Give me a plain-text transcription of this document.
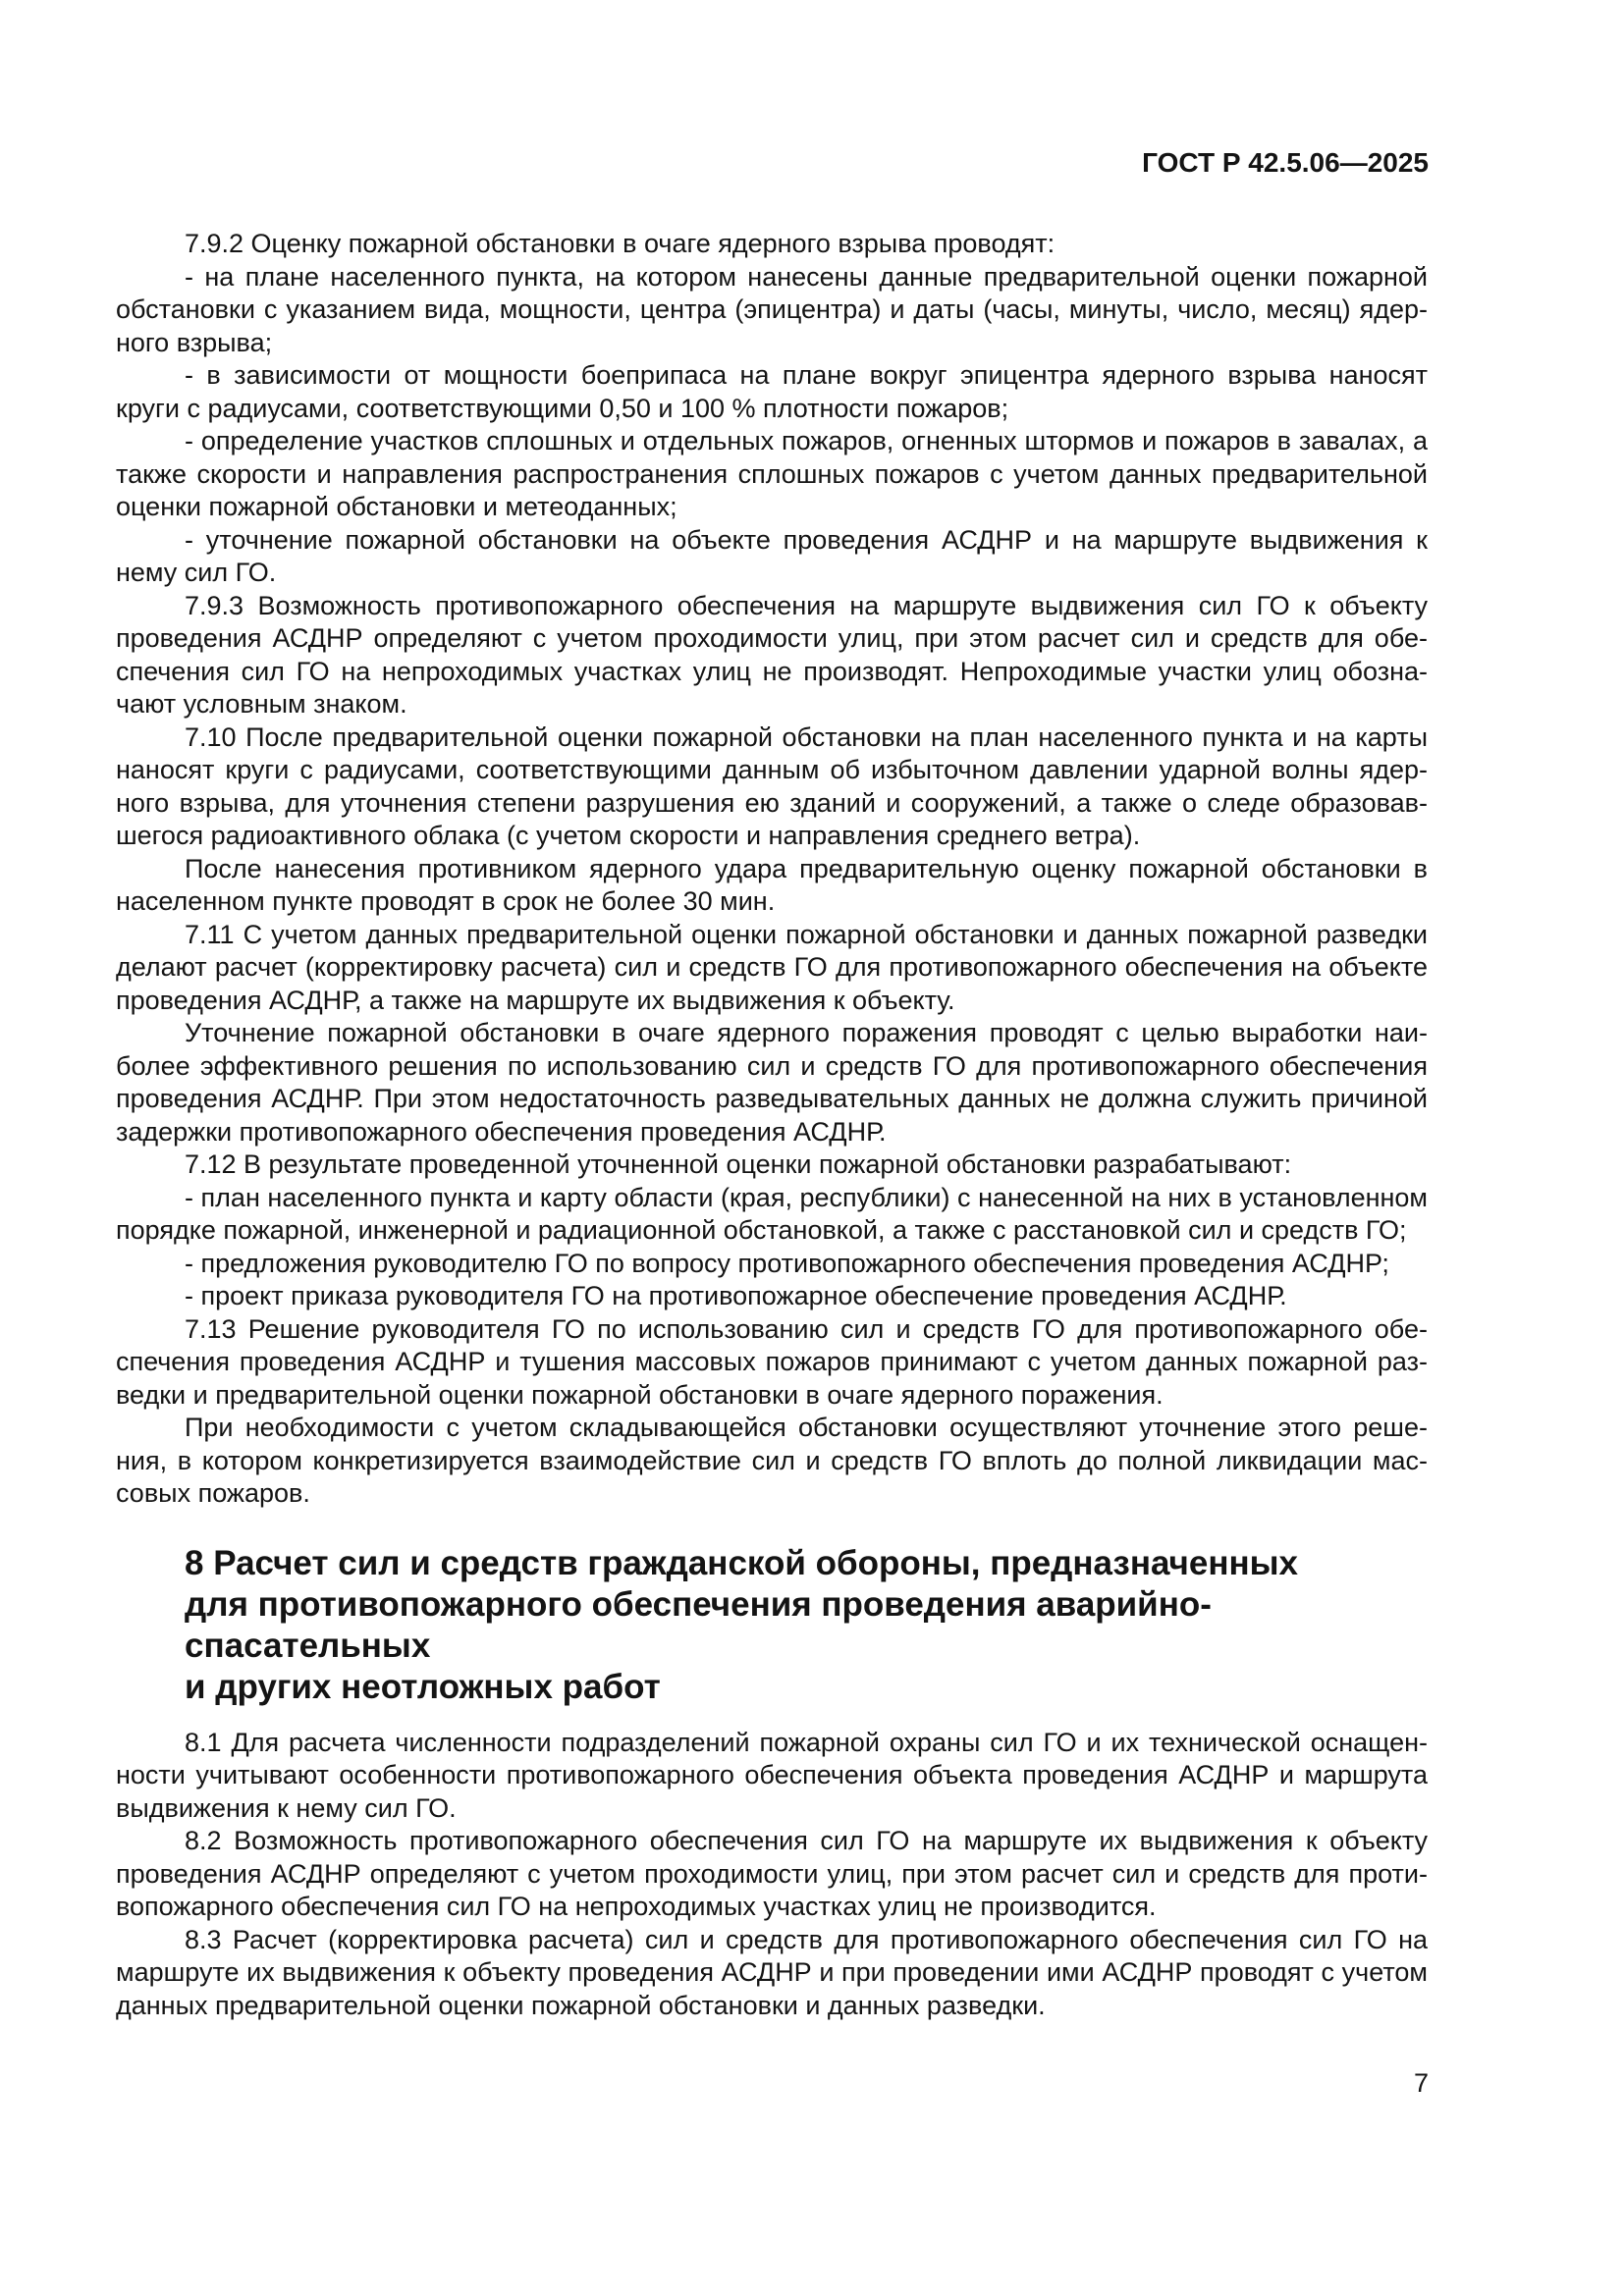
ГОСТ Р 42.5.06—2025

7.9.2 Оценку пожарной обстановки в очаге ядерного взрыва проводят:

- на плане населенного пункта, на котором нанесены данные предварительной оценки пожарной обстановки с указанием вида, мощности, центра (эпицентра) и даты (часы, минуты, число, месяц) ядерного взрыва;

- в зависимости от мощности боеприпаса на плане вокруг эпицентра ядерного взрыва наносят круги с радиусами, соответствующими 0,50 и 100 % плотности пожаров;

- определение участков сплошных и отдельных пожаров, огненных штормов и пожаров в завалах, а также скорости и направления распространения сплошных пожаров с учетом данных предварительной оценки пожарной обстановки и метеоданных;

- уточнение пожарной обстановки на объекте проведения АСДНР и на маршруте выдвижения к нему сил ГО.

7.9.3 Возможность противопожарного обеспечения на маршруте выдвижения сил ГО к объекту проведения АСДНР определяют с учетом проходимости улиц, при этом расчет сил и средств для обеспечения сил ГО на непроходимых участках улиц не производят. Непроходимые участки улиц обозначают условным знаком.

7.10 После предварительной оценки пожарной обстановки на план населенного пункта и на карты наносят круги с радиусами, соответствующими данным об избыточном давлении ударной волны ядерного взрыва, для уточнения степени разрушения ею зданий и сооружений, а также о следе образовавшегося радиоактивного облака (с учетом скорости и направления среднего ветра).

После нанесения противником ядерного удара предварительную оценку пожарной обстановки в населенном пункте проводят в срок не более 30 мин.

7.11 С учетом данных предварительной оценки пожарной обстановки и данных пожарной разведки делают расчет (корректировку расчета) сил и средств ГО для противопожарного обеспечения на объекте проведения АСДНР, а также на маршруте их выдвижения к объекту.

Уточнение пожарной обстановки в очаге ядерного поражения проводят с целью выработки наиболее эффективного решения по использованию сил и средств ГО для противопожарного обеспечения проведения АСДНР. При этом недостаточность разведывательных данных не должна служить причиной задержки противопожарного обеспечения проведения АСДНР.

7.12 В результате проведенной уточненной оценки пожарной обстановки разрабатывают:

- план населенного пункта и карту области (края, республики) с нанесенной на них в установленном порядке пожарной, инженерной и радиационной обстановкой, а также с расстановкой сил и средств ГО;

- предложения руководителю ГО по вопросу противопожарного обеспечения проведения АСДНР;

- проект приказа руководителя ГО на противопожарное обеспечение проведения АСДНР.

7.13 Решение руководителя ГО по использованию сил и средств ГО для противопожарного обеспечения проведения АСДНР и тушения массовых пожаров принимают с учетом данных пожарной разведки и предварительной оценки пожарной обстановки в очаге ядерного поражения.

При необходимости с учетом складывающейся обстановки осуществляют уточнение этого решения, в котором конкретизируется взаимодействие сил и средств ГО вплоть до полной ликвидации массовых пожаров.

8 Расчет сил и средств гражданской обороны, предназначенных
для противопожарного обеспечения проведения аварийно-спасательных
и других неотложных работ

8.1 Для расчета численности подразделений пожарной охраны сил ГО и их технической оснащенности учитывают особенности противопожарного обеспечения объекта проведения АСДНР и маршрута выдвижения к нему сил ГО.

8.2 Возможность противопожарного обеспечения сил ГО на маршруте их выдвижения к объекту проведения АСДНР определяют с учетом проходимости улиц, при этом расчет сил и средств для противопожарного обеспечения сил ГО на непроходимых участках улиц не производится.

8.3 Расчет (корректировка расчета) сил и средств для противопожарного обеспечения сил ГО на маршруте их выдвижения к объекту проведения АСДНР и при проведении ими АСДНР проводят с учетом данных предварительной оценки пожарной обстановки и данных разведки.

7
